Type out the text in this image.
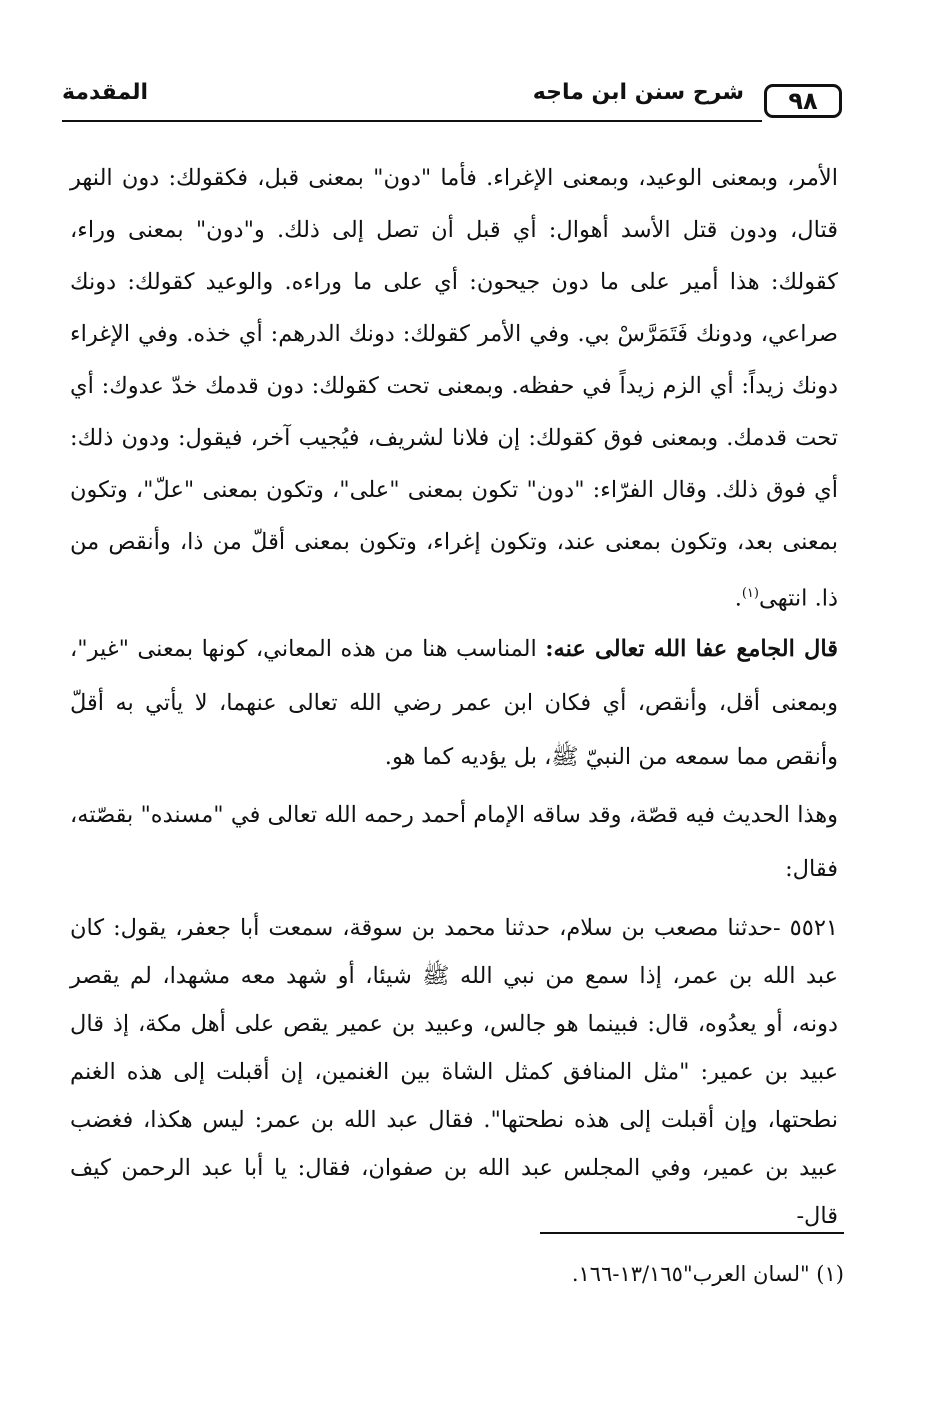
٩٨
شرح سنن ابن ماجه
المقدمة

الأمر، وبمعنى الوعيد، وبمعنى الإغراء. فأما "دون" بمعنى قبل، فكقولك: دون النهر قتال، ودون قتل الأسد أهوال: أي قبل أن تصل إلى ذلك. و"دون" بمعنى وراء، كقولك: هذا أمير على ما دون جيحون: أي على ما وراءه. والوعيد كقولك: دونك صراعي، ودونك فَتَمَرَّسْ بي. وفي الأمر كقولك: دونك الدرهم: أي خذه. وفي الإغراء دونك زيداً: أي الزم زيداً في حفظه. وبمعنى تحت كقولك: دون قدمك خدّ عدوك: أي تحت قدمك. وبمعنى فوق كقولك: إن فلانا لشريف، فيُجيب آخر، فيقول: ودون ذلك: أي فوق ذلك. وقال الفرّاء: "دون" تكون بمعنى "على"، وتكون بمعنى "علّ"، وتكون بمعنى بعد، وتكون بمعنى عند، وتكون إغراء، وتكون بمعنى أقلّ من ذا، وأنقص من ذا. انتهى$^{(١)}$.

قال الجامع عفا الله تعالى عنه: المناسب هنا من هذه المعاني، كونها بمعنى "غير"، وبمعنى أقل، وأنقص، أي فكان ابن عمر رضي الله تعالى عنهما، لا يأتي به أقلّ وأنقص مما سمعه من النبيّ ﷺ، بل يؤديه كما هو.

وهذا الحديث فيه قصّة، وقد ساقه الإمام أحمد رحمه الله تعالى في "مسنده" بقصّته، فقال:

٥٥٢١ -حدثنا مصعب بن سلام، حدثنا محمد بن سوقة، سمعت أبا جعفر، يقول: كان عبد الله بن عمر، إذا سمع من نبي الله ﷺ شيئا، أو شهد معه مشهدا، لم يقصر دونه، أو يعدُوه، قال: فبينما هو جالس، وعبيد بن عمير يقص على أهل مكة، إذ قال عبيد بن عمير: "مثل المنافق كمثل الشاة بين الغنمين، إن أقبلت إلى هذه الغنم نطحتها، وإن أقبلت إلى هذه نطحتها". فقال عبد الله بن عمر: ليس هكذا، فغضب عبيد بن عمير، وفي المجلس عبد الله بن صفوان، فقال: يا أبا عبد الرحمن كيف قال-

(١) "لسان العرب"١٣/١٦٥-١٦٦.
